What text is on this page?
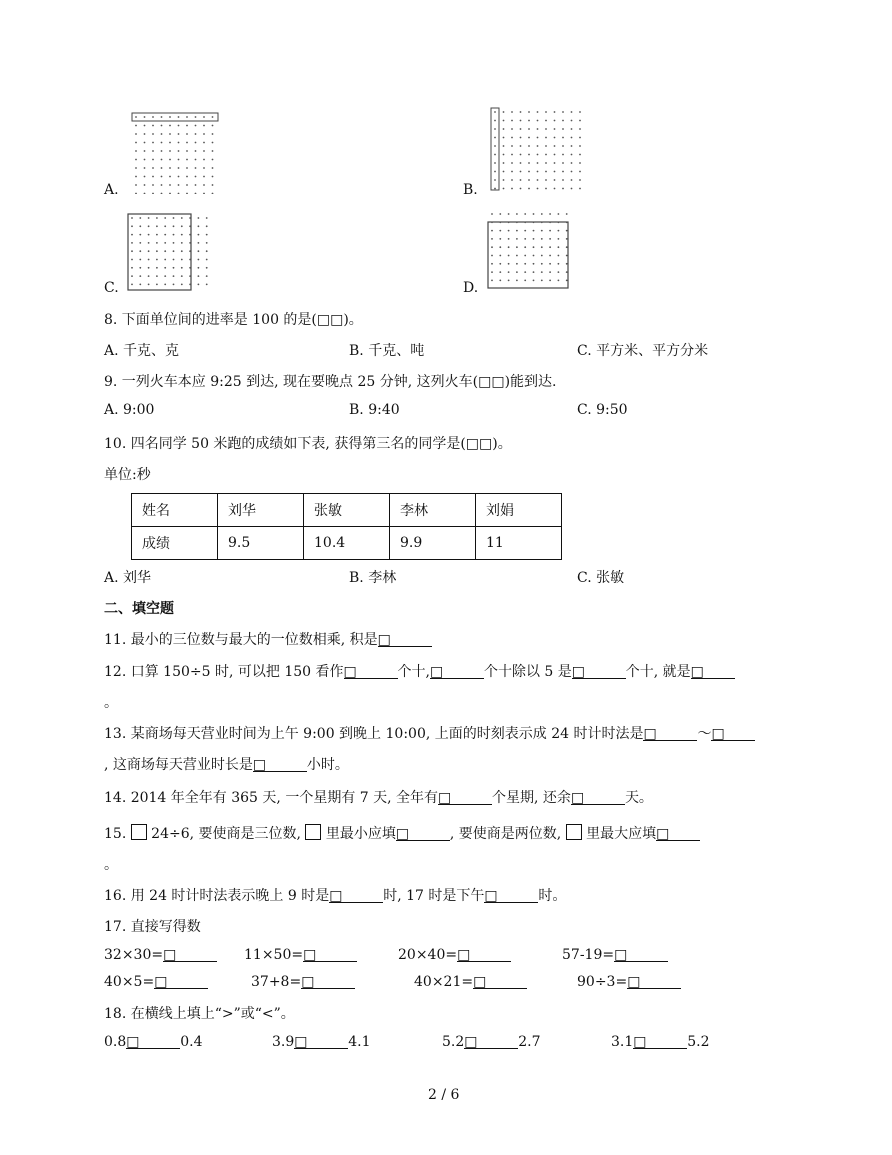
A.	B.
C.	D.
8. 下面单位间的进率是 100 的是(□□)。
A. 千克、克	B. 千克、吨	C. 平方米、平方分米
9. 一列火车本应 9:25 到达, 现在要晚点 25 分钟, 这列火车(□□)能到达.
A. 9:00	B. 9:40	C. 9:50
10. 四名同学 50 米跑的成绩如下表, 获得第三名的同学是(□□)。
单位:秒
姓名	刘华	张敏	李林	刘娟
成绩	9.5	10.4	9.9	11
A. 刘华	B. 李林	C. 张敏
二、填空题
11. 最小的三位数与最大的一位数相乘, 积是□
12. 口算 150÷5 时, 可以把 150 看作□	个十,□	个十除以 5 是□	个十, 就是□
。
13. 某商场每天营业时间为上午 9:00 到晚上 10:00, 上面的时刻表示成 24 时计时法是□	～□
, 这商场每天营业时长是□	小时。
14. 2014 年全年有 365 天, 一个星期有 7 天, 全年有□	个星期, 还余□	天。
15. 24÷6, 要使商是三位数, 里最小应填□	, 要使商是两位数, 里最大应填□
。
16. 用 24 时计时法表示晚上 9 时是□	时, 17 时是下午□	时。
17. 直接写得数
32×30=□	11×50=□	20×40=□	57-19=□
40×5=□	37+8=□	40×21=□	90÷3=□
18. 在横线上填上“>”或“<”。
0.8□	0.4	3.9□	4.1	5.2□	2.7	3.1□	5.2
2 / 6
